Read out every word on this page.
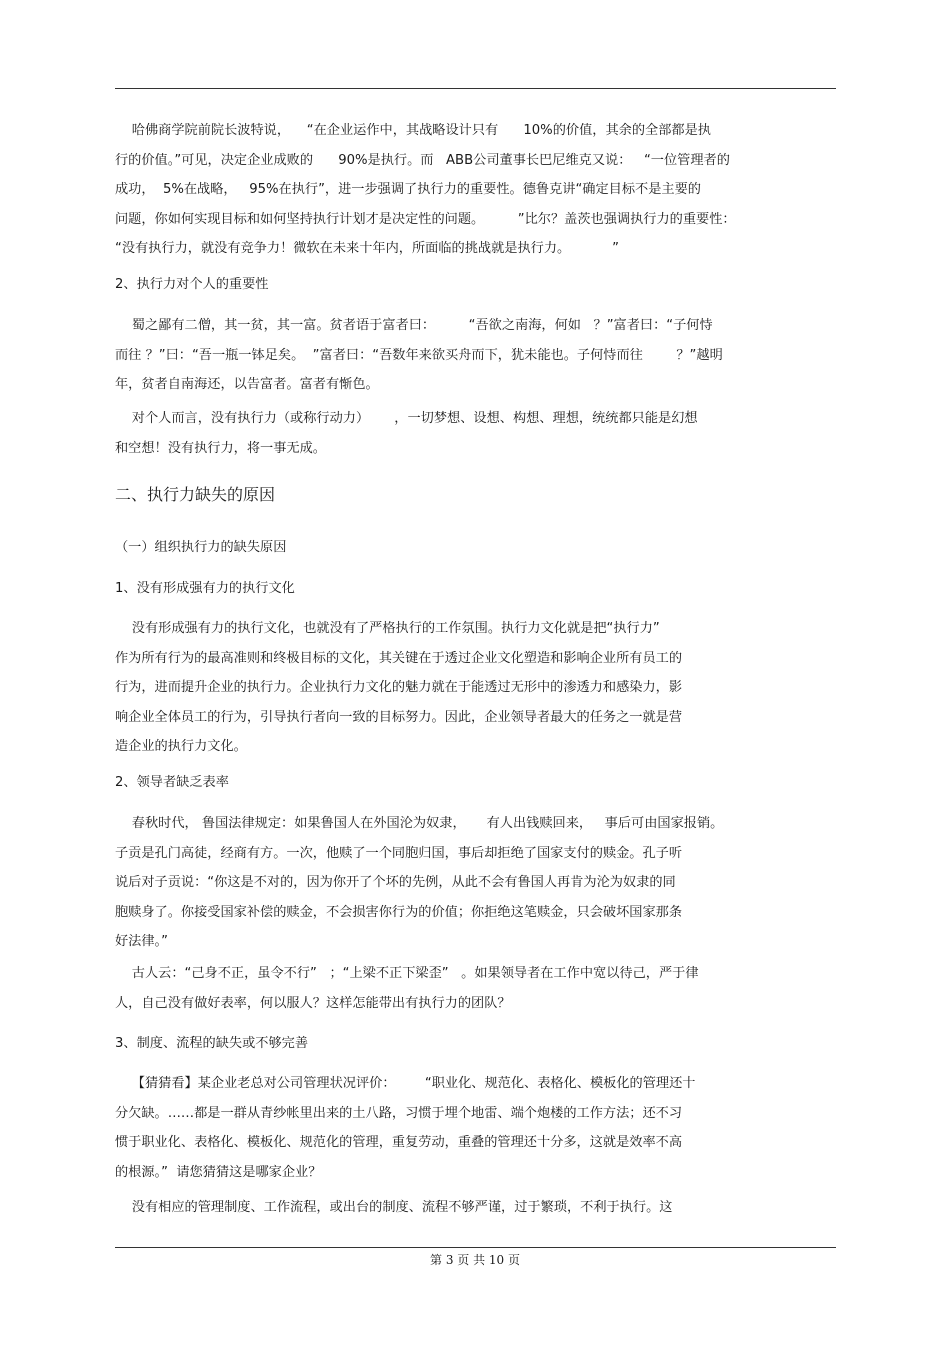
哈佛商学院前院长波特说，    “在企业运作中，其战略设计只有      10%的价值，其余的全部都是执
行的价值。”可见，决定企业成败的      90%是执行。而   ABB公司董事长巴尼维克又说：   “一位管理者的
成功，  5%在战略，   95%在执行”，进一步强调了执行力的重要性。德鲁克讲“确定目标不是主要的
问题，你如何实现目标和如何坚持执行计划才是决定性的问题。        ”比尔？盖茨也强调执行力的重要性：
“没有执行力，就没有竞争力！微软在未来十年内，所面临的挑战就是执行力。          ”

2、执行力对个人的重要性

蜀之鄙有二僧，其一贫，其一富。贫者语于富者曰：        “吾欲之南海，何如   ？”富者曰：“子何恃
而往 ？”曰：“吾一瓶一钵足矣。  ”富者曰：“吾数年来欲买舟而下，犹未能也。子何恃而往        ？”越明
年，贫者自南海还，以告富者。富者有惭色。

对个人而言，没有执行力（或称行动力）      ，一切梦想、设想、构想、理想，统统都只能是幻想
和空想！没有执行力，将一事无成。

二、执行力缺失的原因

（一）组织执行力的缺失原因

1、没有形成强有力的执行文化

没有形成强有力的执行文化，也就没有了严格执行的工作氛围。执行力文化就是把“执行力”
作为所有行为的最高准则和终极目标的文化，其关键在于透过企业文化塑造和影响企业所有员工的
行为，进而提升企业的执行力。企业执行力文化的魅力就在于能透过无形中的渗透力和感染力，影
响企业全体员工的行为，引导执行者向一致的目标努力。因此，企业领导者最大的任务之一就是营
造企业的执行力文化。

2、领导者缺乏表率

春秋时代， 鲁国法律规定：如果鲁国人在外国沦为奴隶，     有人出钱赎回来，   事后可由国家报销。
子贡是孔门高徒，经商有方。一次，他赎了一个同胞归国，事后却拒绝了国家支付的赎金。孔子听
说后对子贡说：“你这是不对的，因为你开了个坏的先例，从此不会有鲁国人再肯为沦为奴隶的同
胞赎身了。你接受国家补偿的赎金，不会损害你行为的价值；你拒绝这笔赎金，只会破坏国家那条
好法律。”

古人云：“己身不正，虽令不行”   ；“上梁不正下梁歪”   。如果领导者在工作中宽以待己，严于律
人，自己没有做好表率，何以服人？这样怎能带出有执行力的团队？

3、制度、流程的缺失或不够完善

【猜猜看】某企业老总对公司管理状况评价：       “职业化、规范化、表格化、模板化的管理还十
分欠缺。……都是一群从青纱帐里出来的土八路，习惯于埋个地雷、端个炮楼的工作方法；还不习
惯于职业化、表格化、模板化、规范化的管理，重复劳动，重叠的管理还十分多，这就是效率不高
的根源。”  请您猜猜这是哪家企业？

没有相应的管理制度、工作流程，或出台的制度、流程不够严谨，过于繁琐，不利于执行。这

第 3 页 共 10 页
